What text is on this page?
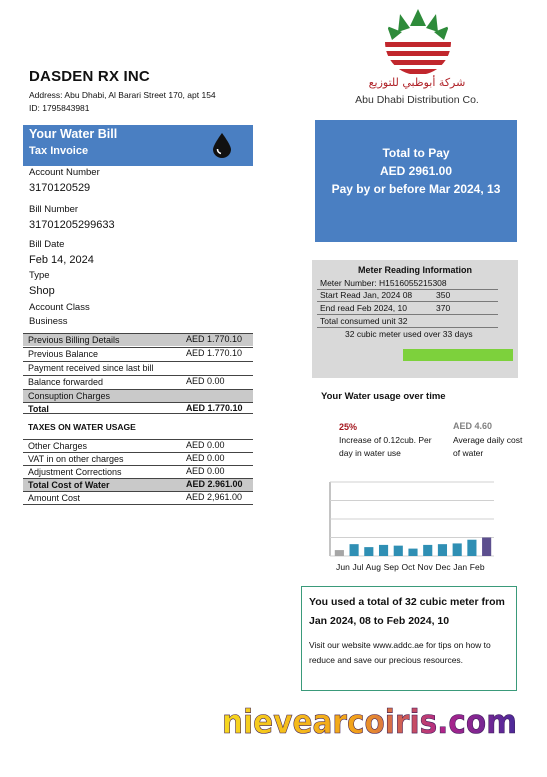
DASDEN RX INC
Address: Abu Dhabi, Al Barari Street 170, apt 154
ID: 1795843981
شركة أبوظبي للتوزيع
Abu Dhabi Distribution Co.
Your Water Bill
Tax Invoice
Account Number
3170120529
Bill Number
31701205299633
Bill Date
Feb 14, 2024
Type
Shop
Account Class
Business
Previous Billing Details	AED 1.770.10
Previous Balance	AED 1.770.10
Payment received since last bill
Balance forwarded	AED 0.00
Consuption Charges
Total	AED 1.770.10
TAXES ON WATER USAGE
Other Charges	AED 0.00
VAT in on other charges	AED 0.00
Adjustment Corrections	AED 0.00
Total Cost of Water	AED 2.961.00
Amount Cost	AED 2,961.00
Total to Pay
AED 2961.00
Pay by or before Mar 2024, 13
Meter Reading Information
Meter Number: H1516055215308
Start Read Jan, 2024 08	350
End read Feb 2024, 10	370
Total consumed unit 32
32 cubic meter used over 33 days
Your Water usage over time
25%
Increase of 0.12cub. Per day in water use
AED 4.60
Average daily cost of water
Jun Jul Aug Sep Oct Nov Dec Jan Feb
You used a total of 32 cubic meter from Jan 2024, 08 to Feb 2024, 10
Visit our website www.addc.ae for tips on how to reduce and save our precious resources.
nievearcoiris.com
